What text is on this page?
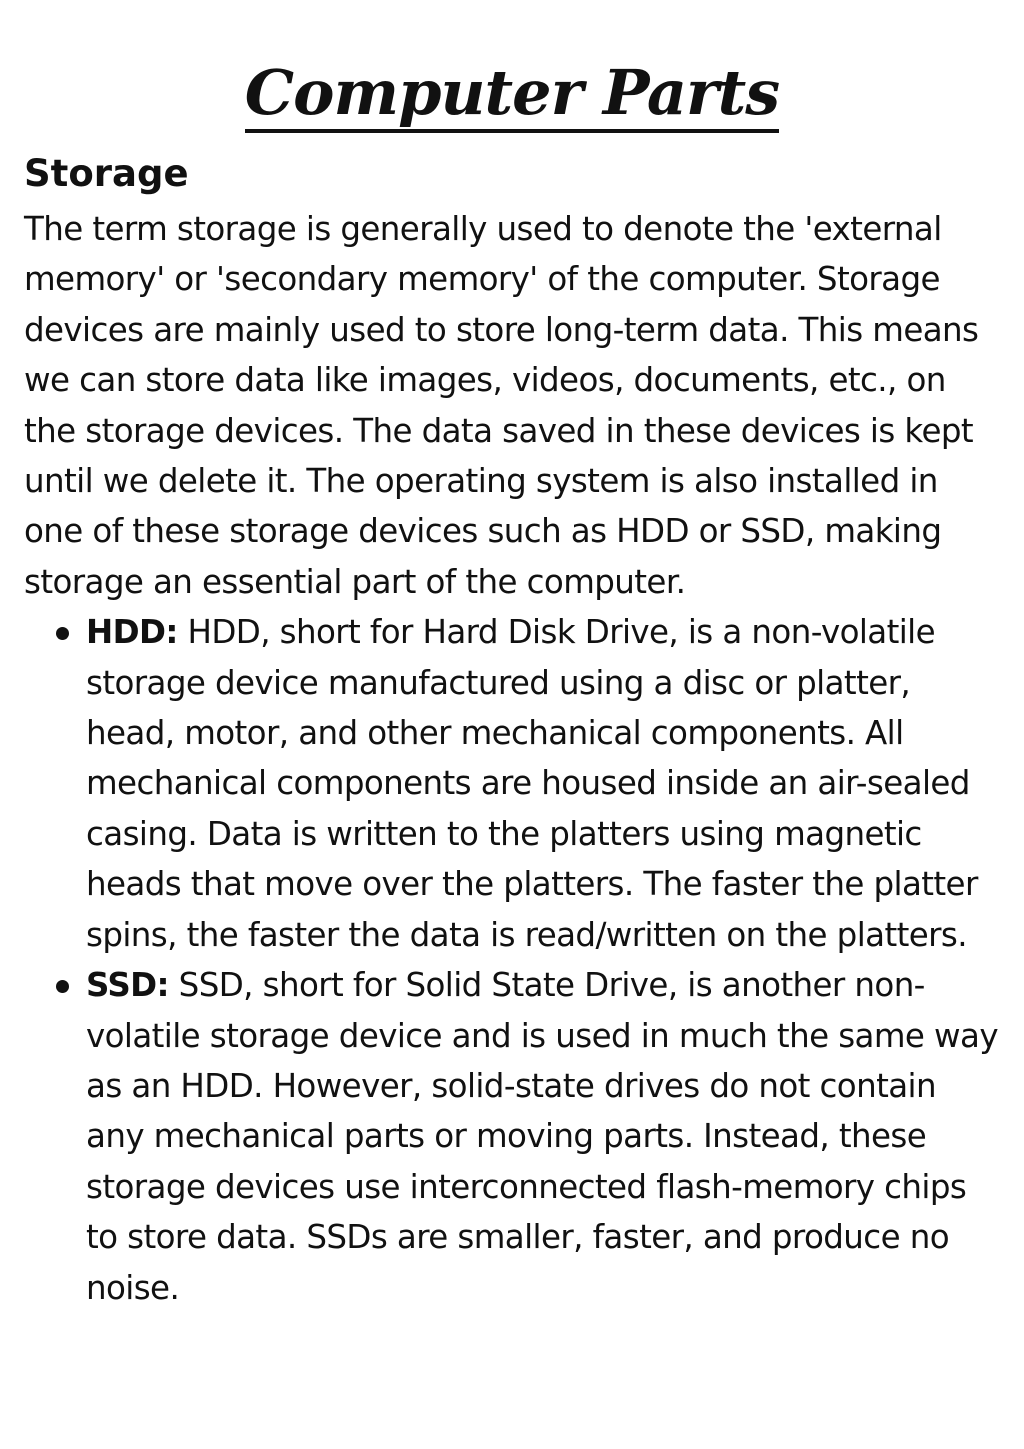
Computer Parts
Storage

The term storage is generally used to denote the 'external memory' or 'secondary memory' of the computer. Storage devices are mainly used to store long-term data. This means we can store data like images, videos, documents, etc., on the storage devices. The data saved in these devices is kept until we delete it. The operating system is also installed in one of these storage devices such as HDD or SSD, making storage an essential part of the computer.

HDD: HDD, short for Hard Disk Drive, is a non-volatile storage device manufactured using a disc or platter, head, motor, and other mechanical components. All mechanical components are housed inside an air-sealed casing. Data is written to the platters using magnetic heads that move over the platters. The faster the platter spins, the faster the data is read/written on the platters.
SSD: SSD, short for Solid State Drive, is another non-volatile storage device and is used in much the same way as an HDD. However, solid-state drives do not contain any mechanical parts or moving parts. Instead, these storage devices use interconnected flash-memory chips to store data. SSDs are smaller, faster, and produce no noise.
